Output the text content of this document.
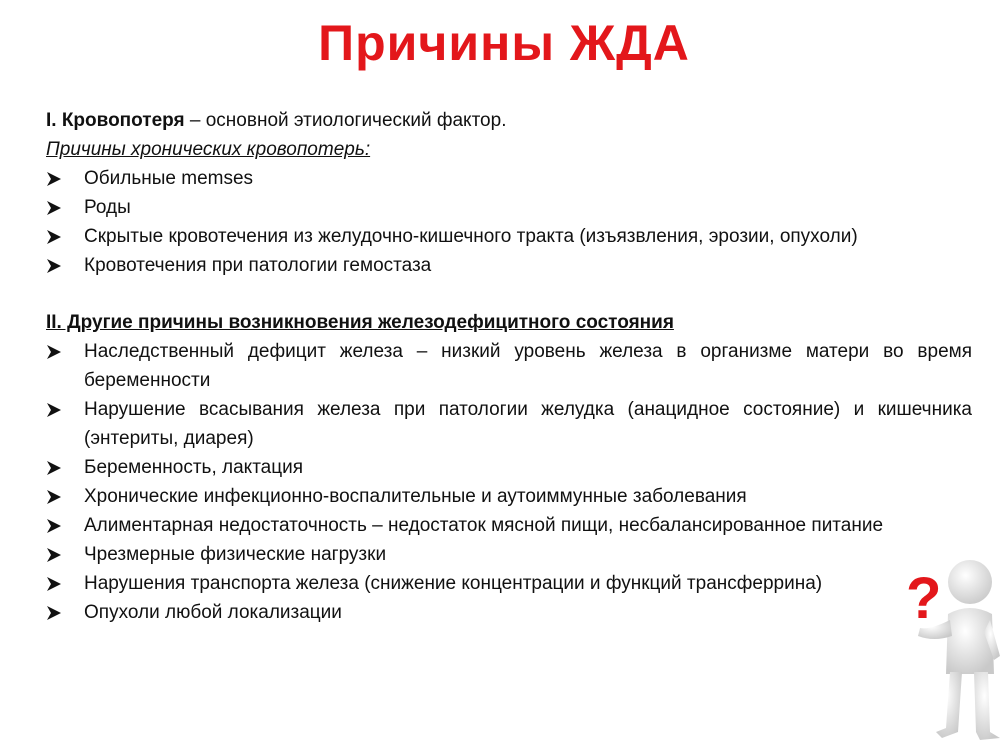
Причины ЖДА
I. Кровопотеря – основной этиологический фактор.
Причины хронических кровопотерь:
Обильные mеmses
Роды
Скрытые кровотечения из желудочно-кишечного тракта (изъязвления, эрозии, опухоли)
Кровотечения при патологии гемостаза
II. Другие причины возникновения железодефицитного состояния
Наследственный дефицит железа – низкий уровень железа в организме матери во время беременности
Нарушение всасывания железа при патологии желудка (анацидное состояние) и кишечника (энтериты, диарея)
Беременность, лактация
Хронические инфекционно-воспалительные и аутоиммунные заболевания
Алиментарная недостаточность – недостаток мясной пищи, несбалансированное питание
Чрезмерные физические нагрузки
Нарушения транспорта железа (снижение концентрации и функций трансферрина)
Опухоли любой локализации	?
